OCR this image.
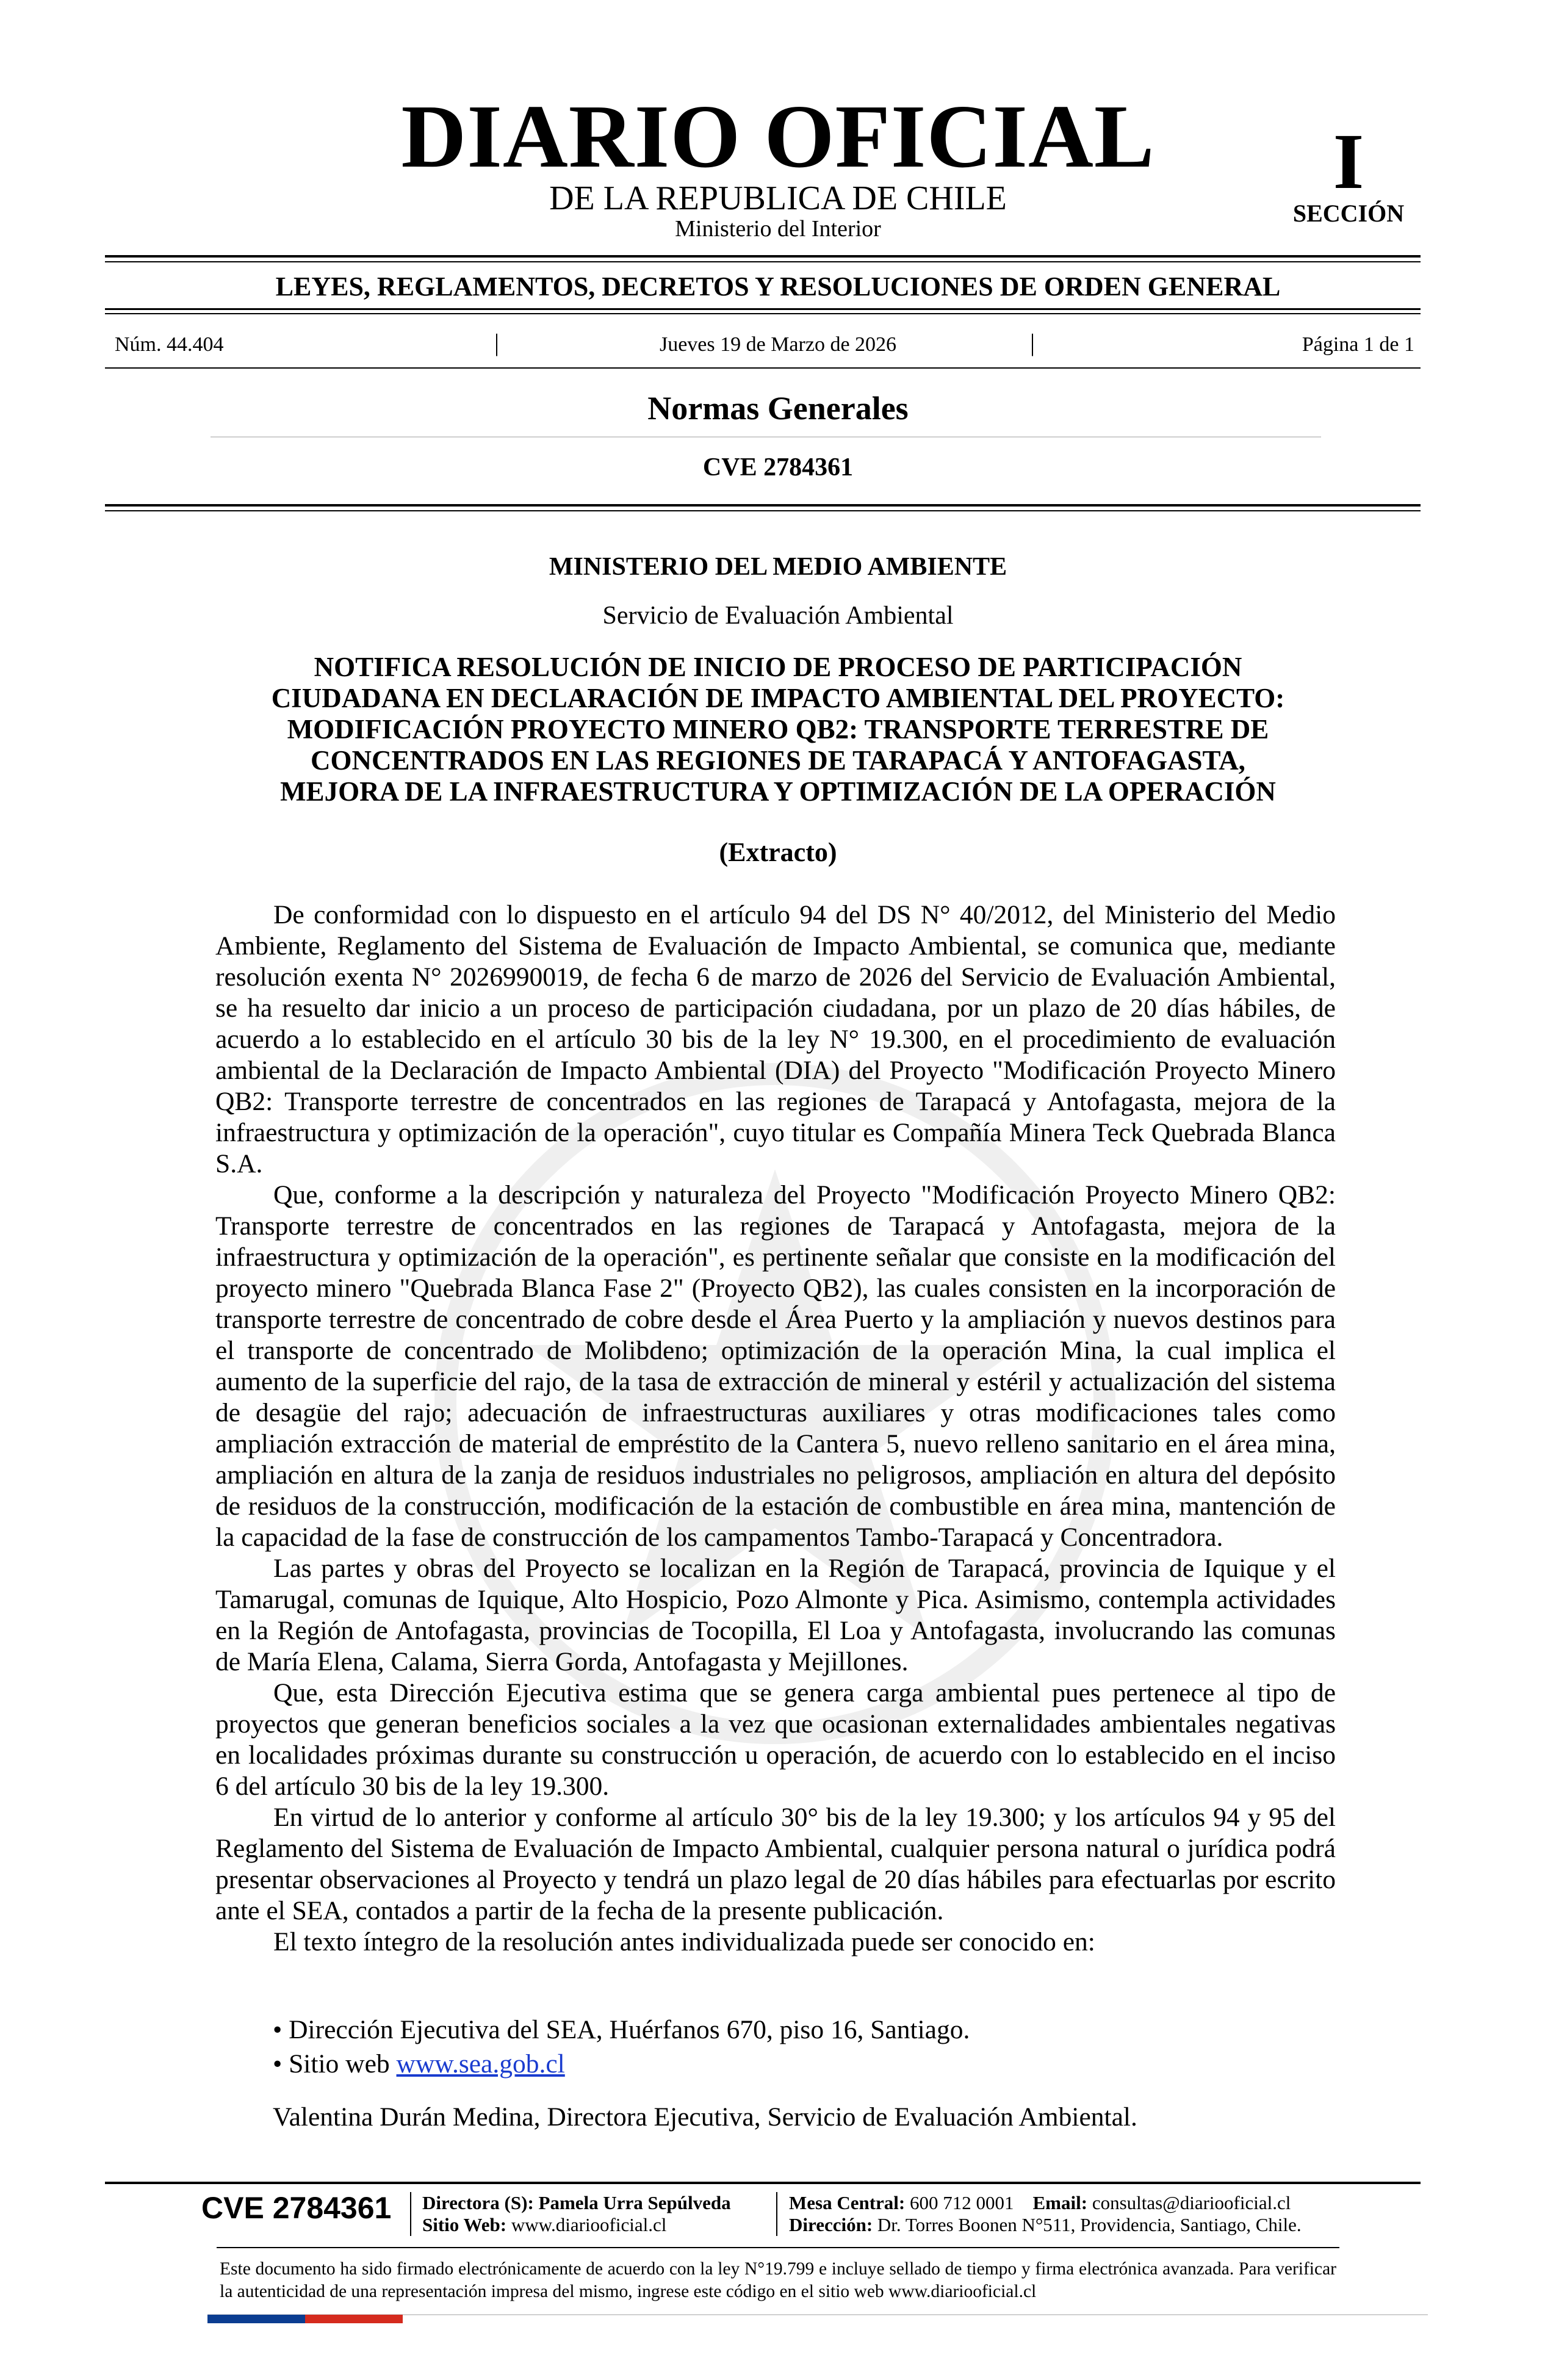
DIARIO OFICIAL
DE LA REPUBLICA DE CHILE
Ministerio del Interior
I
SECCIÓN
LEYES, REGLAMENTOS, DECRETOS Y RESOLUCIONES DE ORDEN GENERAL
Núm. 44.404	|	Jueves 19 de Marzo de 2026	|	Página 1 de 1
Normas Generales
CVE 2784361
MINISTERIO DEL MEDIO AMBIENTE
Servicio de Evaluación Ambiental
NOTIFICA RESOLUCIÓN DE INICIO DE PROCESO DE PARTICIPACIÓN
CIUDADANA EN DECLARACIÓN DE IMPACTO AMBIENTAL DEL PROYECTO:
MODIFICACIÓN PROYECTO MINERO QB2: TRANSPORTE TERRESTRE DE
CONCENTRADOS EN LAS REGIONES DE TARAPACÁ Y ANTOFAGASTA,
MEJORA DE LA INFRAESTRUCTURA Y OPTIMIZACIÓN DE LA OPERACIÓN
(Extracto)

De conformidad con lo dispuesto en el artículo 94 del DS N° 40/2012, del Ministerio del Medio Ambiente, Reglamento del Sistema de Evaluación de Impacto Ambiental, se comunica que, mediante resolución exenta N° 2026990019, de fecha 6 de marzo de 2026 del Servicio de Evaluación Ambiental, se ha resuelto dar inicio a un proceso de participación ciudadana, por un plazo de 20 días hábiles, de acuerdo a lo establecido en el artículo 30 bis de la ley N° 19.300, en el procedimiento de evaluación ambiental de la Declaración de Impacto Ambiental (DIA) del Proyecto "Modificación Proyecto Minero QB2: Transporte terrestre de concentrados en las regiones de Tarapacá y Antofagasta, mejora de la infraestructura y optimización de la operación", cuyo titular es Compañía Minera Teck Quebrada Blanca S.A.

Que, conforme a la descripción y naturaleza del Proyecto "Modificación Proyecto Minero QB2: Transporte terrestre de concentrados en las regiones de Tarapacá y Antofagasta, mejora de la infraestructura y optimización de la operación", es pertinente señalar que consiste en la modificación del proyecto minero "Quebrada Blanca Fase 2" (Proyecto QB2), las cuales consisten en la incorporación de transporte terrestre de concentrado de cobre desde el Área Puerto y la ampliación y nuevos destinos para el transporte de concentrado de Molibdeno; optimización de la operación Mina, la cual implica el aumento de la superficie del rajo, de la tasa de extracción de mineral y estéril y actualización del sistema de desagüe del rajo; adecuación de infraestructuras auxiliares y otras modificaciones tales como ampliación extracción de material de empréstito de la Cantera 5, nuevo relleno sanitario en el área mina, ampliación en altura de la zanja de residuos industriales no peligrosos, ampliación en altura del depósito de residuos de la construcción, modificación de la estación de combustible en área mina, mantención de la capacidad de la fase de construcción de los campamentos Tambo-Tarapacá y Concentradora.

Las partes y obras del Proyecto se localizan en la Región de Tarapacá, provincia de Iquique y el Tamarugal, comunas de Iquique, Alto Hospicio, Pozo Almonte y Pica. Asimismo, contempla actividades en la Región de Antofagasta, provincias de Tocopilla, El Loa y Antofagasta, involucrando las comunas de María Elena, Calama, Sierra Gorda, Antofagasta y Mejillones.

Que, esta Dirección Ejecutiva estima que se genera carga ambiental pues pertenece al tipo de proyectos que generan beneficios sociales a la vez que ocasionan externalidades ambientales negativas en localidades próximas durante su construcción u operación, de acuerdo con lo establecido en el inciso 6 del artículo 30 bis de la ley 19.300.

En virtud de lo anterior y conforme al artículo 30° bis de la ley 19.300; y los artículos 94 y 95 del Reglamento del Sistema de Evaluación de Impacto Ambiental, cualquier persona natural o jurídica podrá presentar observaciones al Proyecto y tendrá un plazo legal de 20 días hábiles para efectuarlas por escrito ante el SEA, contados a partir de la fecha de la presente publicación.

El texto íntegro de la resolución antes individualizada puede ser conocido en:

• Dirección Ejecutiva del SEA, Huérfanos 670, piso 16, Santiago.
• Sitio web www.sea.gob.cl
Valentina Durán Medina, Directora Ejecutiva, Servicio de Evaluación Ambiental.
CVE 2784361 Directora (S): Pamela Urra Sepúlveda
Sitio Web: www.diariooficial.cl
Mesa Central: 600 712 0001 Email: consultas@diariooficial.cl
Dirección: Dr. Torres Boonen N°511, Providencia, Santiago, Chile.
Este documento ha sido firmado electrónicamente de acuerdo con la ley N°19.799 e incluye sellado de tiempo y firma electrónica avanzada. Para verificar la autenticidad de una representación impresa del mismo, ingrese este código en el sitio web www.diariooficial.cl
